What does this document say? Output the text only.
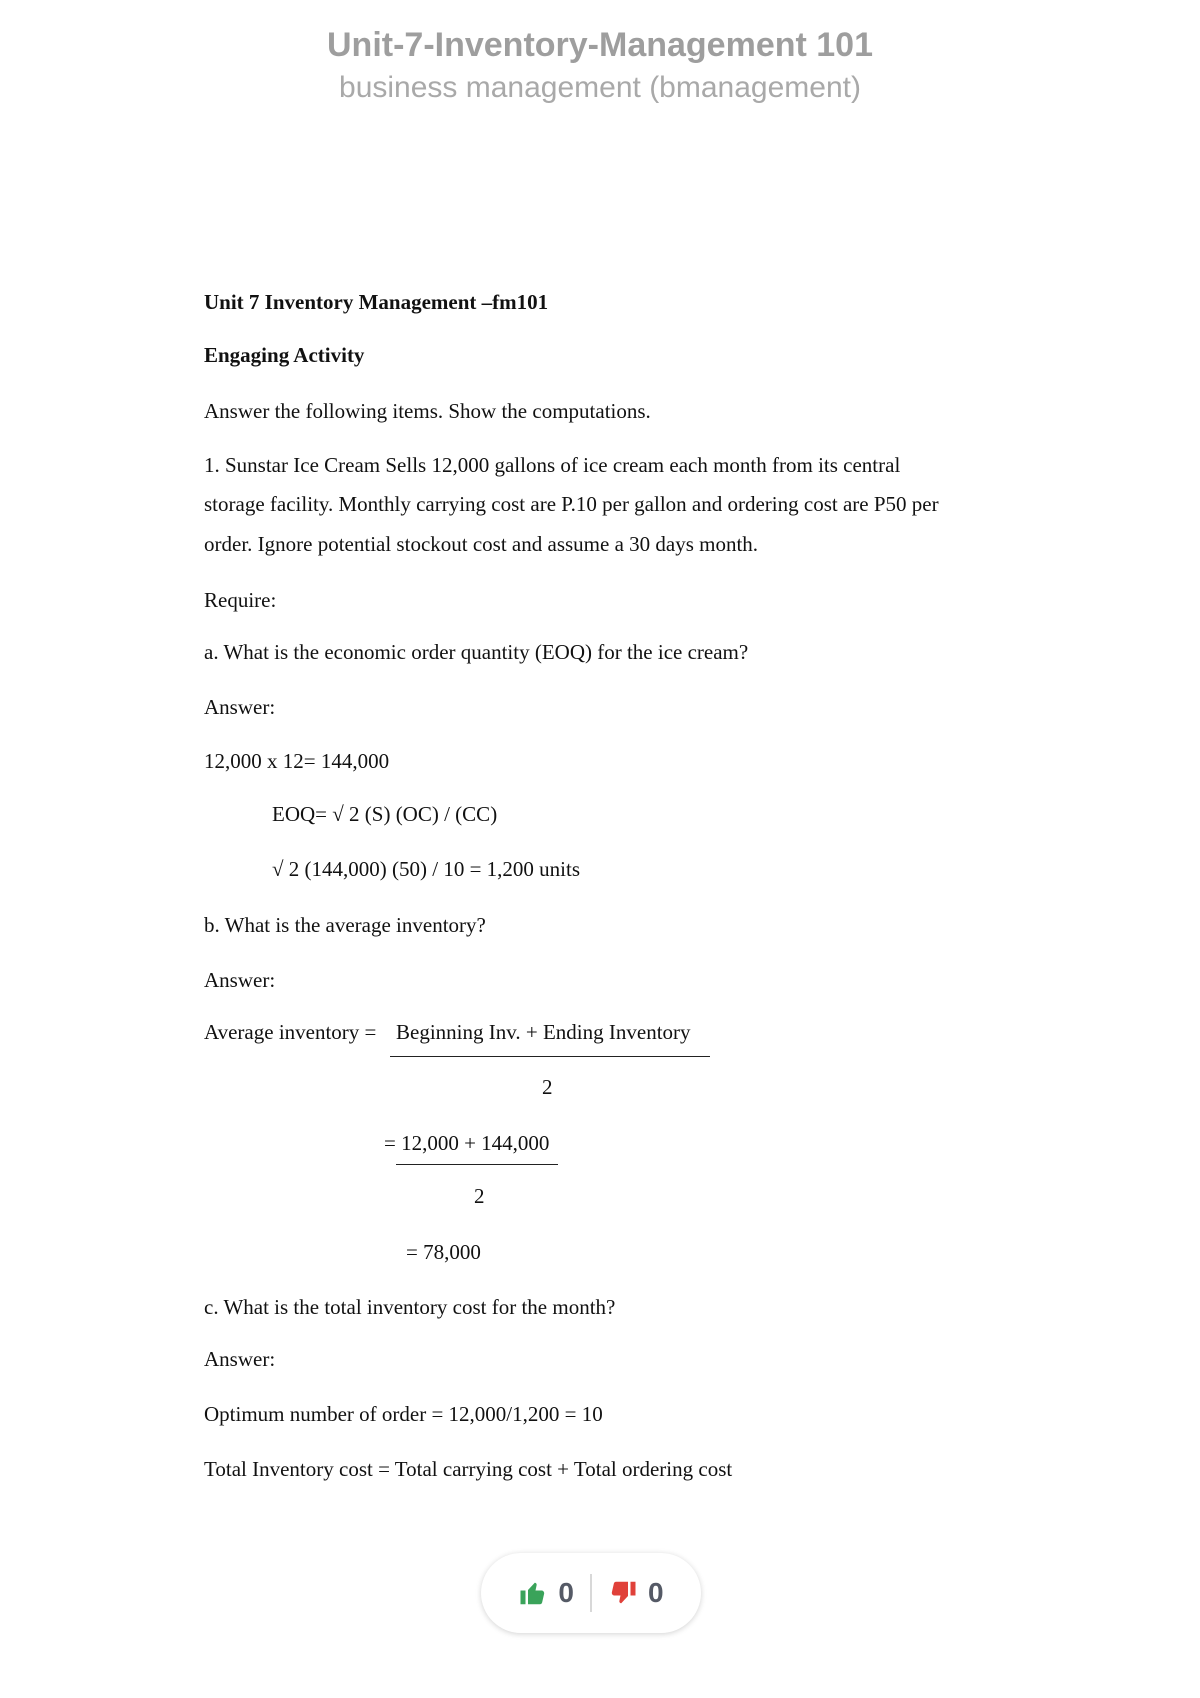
Unit-7-Inventory-Management 101
business management (bmanagement)
Unit 7 Inventory Management –fm101
Engaging Activity
Answer the following items. Show the computations.
1. Sunstar Ice Cream Sells 12,000 gallons of ice cream each month from its central
storage facility. Monthly carrying cost are P.10 per gallon and ordering cost are P50 per
order. Ignore potential stockout cost and assume a 30 days month.
Require:
a. What is the economic order quantity (EOQ) for the ice cream?
Answer:
12,000 x 12= 144,000
EOQ= √ 2 (S) (OC) / (CC)
√ 2 (144,000) (50) / 10 = 1,200 units
b. What is the average inventory?
Answer:
Average inventory = Beginning Inv. + Ending Inventory
2
= 12,000 + 144,000
2
= 78,000
c. What is the total inventory cost for the month?
Answer:
Optimum number of order = 12,000/1,200 = 10
Total Inventory cost = Total carrying cost + Total ordering cost
0	0
